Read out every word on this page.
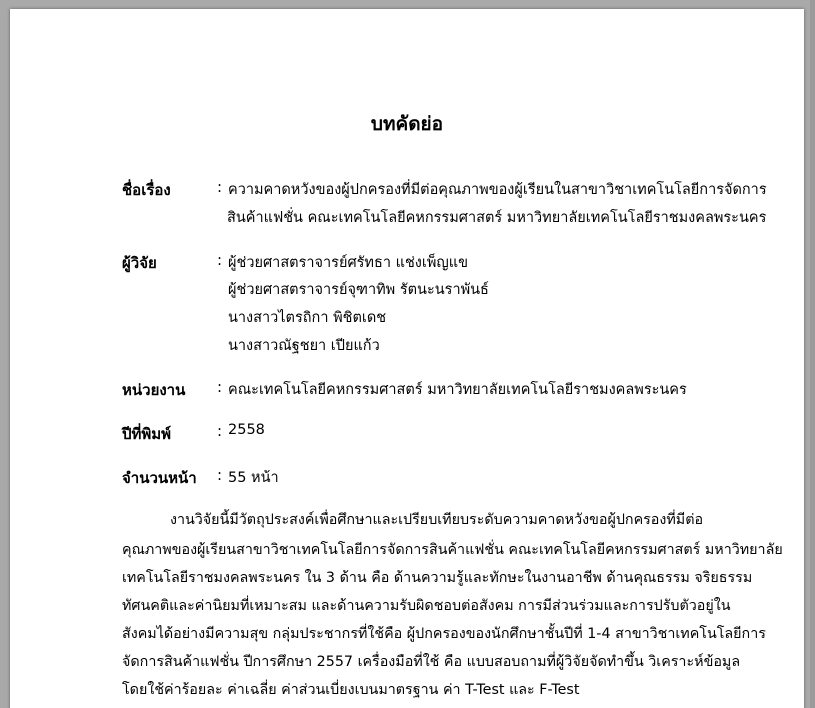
บทคัดย่อ
ชื่อเรื่อง	: ความคาดหวังของผู้ปกครองที่มีต่อคุณภาพของผู้เรียนในสาขาวิชาเทคโนโลยีการจัดการ
สินค้าแฟชั่น คณะเทคโนโลยีคหกรรมศาสตร์ มหาวิทยาลัยเทคโนโลยีราชมงคลพระนคร
ผู้วิจัย	: ผู้ช่วยศาสตราจารย์ศรัทธา แช่งเพ็ญแข
ผู้ช่วยศาสตราจารย์จุฑาทิพ รัตนะนราพันธ์
นางสาวไตรถิกา พิชิตเดช
นางสาวณัฐชยา เปียแก้ว
หน่วยงาน : คณะเทคโนโลยีคหกรรมศาสตร์ มหาวิทยาลัยเทคโนโลยีราชมงคลพระนคร
ปีที่พิมพ์	: 2558
จำนวนหน้า : 55 หน้า
งานวิจัยนี้มีวัตถุประสงค์เพื่อศึกษาและเปรียบเทียบระดับความคาดหวังขอผู้ปกครองที่มีต่อ
คุณภาพของผู้เรียนสาขาวิชาเทคโนโลยีการจัดการสินค้าแฟชั่น คณะเทคโนโลยีคหกรรมศาสตร์ มหาวิทยาลัย
เทคโนโลยีราชมงคลพระนคร ใน 3 ด้าน คือ ด้านความรู้และทักษะในงานอาชีพ ด้านคุณธรรม จริยธรรม
ทัศนคติและค่านิยมที่เหมาะสม และด้านความรับผิดชอบต่อสังคม การมีส่วนร่วมและการปรับตัวอยู่ใน
สังคมได้อย่างมีความสุข กลุ่มประชากรที่ใช้คือ ผู้ปกครองของนักศึกษาชั้นปีที่ 1-4 สาขาวิชาเทคโนโลยีการ
จัดการสินค้าแฟชั่น ปีการศึกษา 2557 เครื่องมือที่ใช้ คือ แบบสอบถามที่ผู้วิจัยจัดทำขึ้น วิเคราะห์ข้อมูล
โดยใช้ค่าร้อยละ ค่าเฉลี่ย ค่าส่วนเบี่ยงเบนมาตรฐาน ค่า T-Test และ F-Test
